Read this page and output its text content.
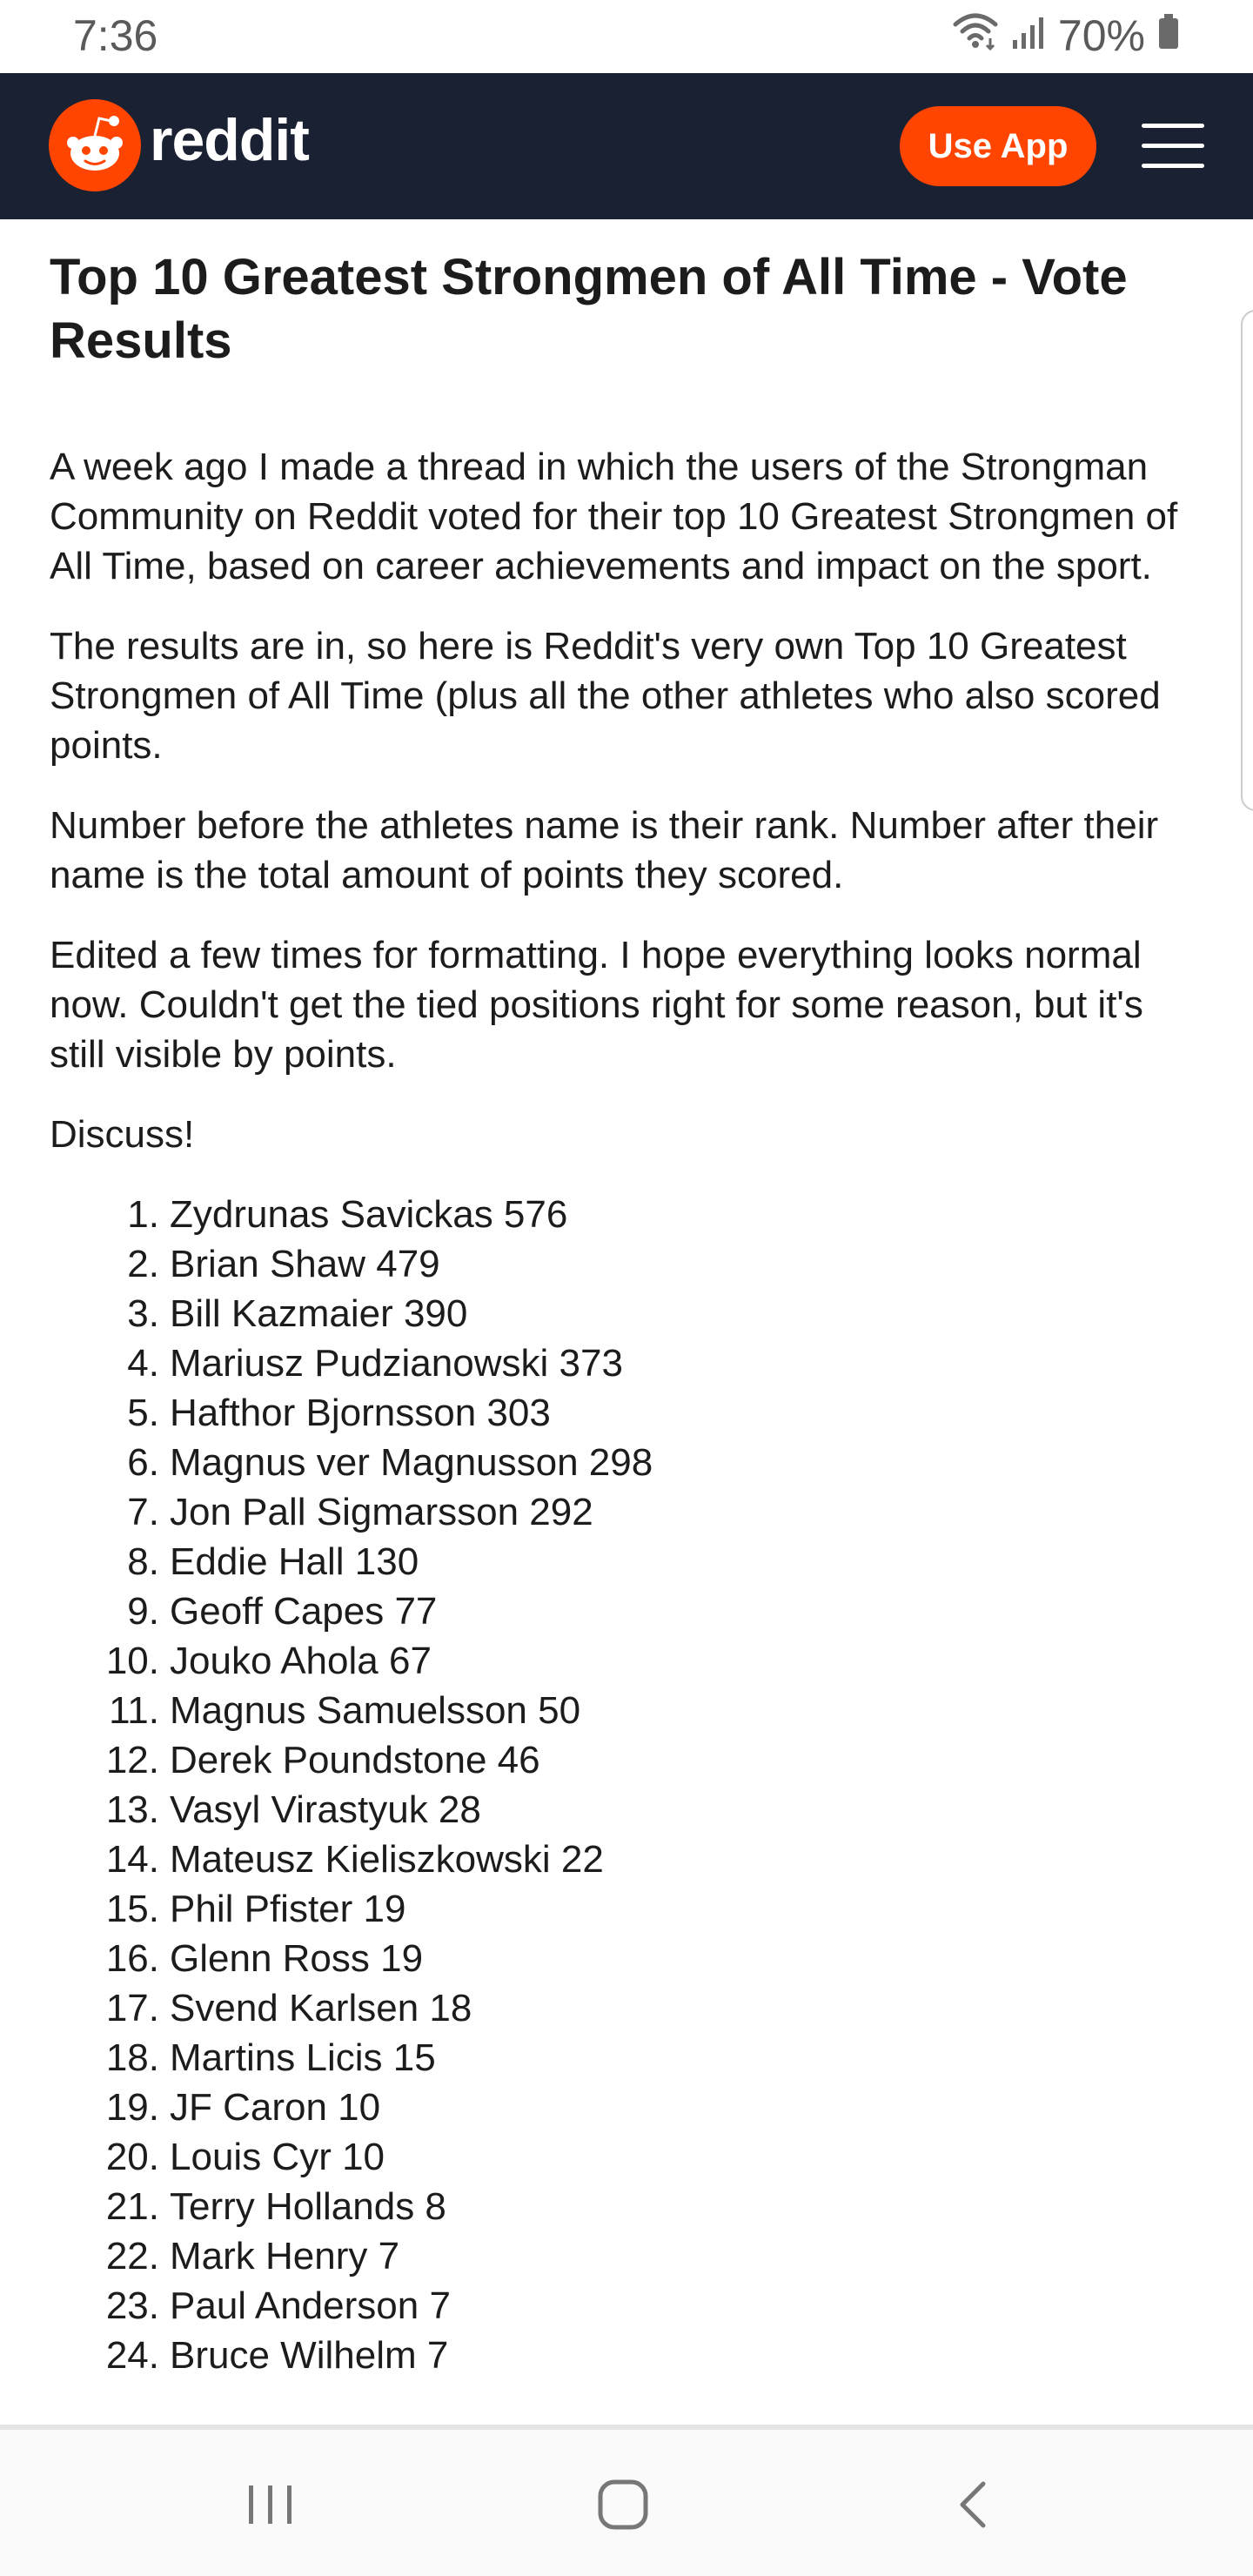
7:36	70%
reddit	Use App
Top 10 Greatest Strongmen of All Time - Vote Results

A week ago I made a thread in which the users of the Strongman Community on Reddit voted for their top 10 Greatest Strongmen of All Time, based on career achievements and impact on the sport.

The results are in, so here is Reddit's very own Top 10 Greatest Strongmen of All Time (plus all the other athletes who also scored points.

Number before the athletes name is their rank. Number after their name is the total amount of points they scored.

Edited a few times for formatting. I hope everything looks normal now. Couldn't get the tied positions right for some reason, but it's still visible by points.

Discuss!

1. Zydrunas Savickas 576
2. Brian Shaw 479
3. Bill Kazmaier 390
4. Mariusz Pudzianowski 373
5. Hafthor Bjornsson 303
6. Magnus ver Magnusson 298
7. Jon Pall Sigmarsson 292
8. Eddie Hall 130
9. Geoff Capes 77
10. Jouko Ahola 67
11. Magnus Samuelsson 50
12. Derek Poundstone 46
13. Vasyl Virastyuk 28
14. Mateusz Kieliszkowski 22
15. Phil Pfister 19
16. Glenn Ross 19
17. Svend Karlsen 18
18. Martins Licis 15
19. JF Caron 10
20. Louis Cyr 10
21. Terry Hollands 8
22. Mark Henry 7
23. Paul Anderson 7
24. Bruce Wilhelm 7
